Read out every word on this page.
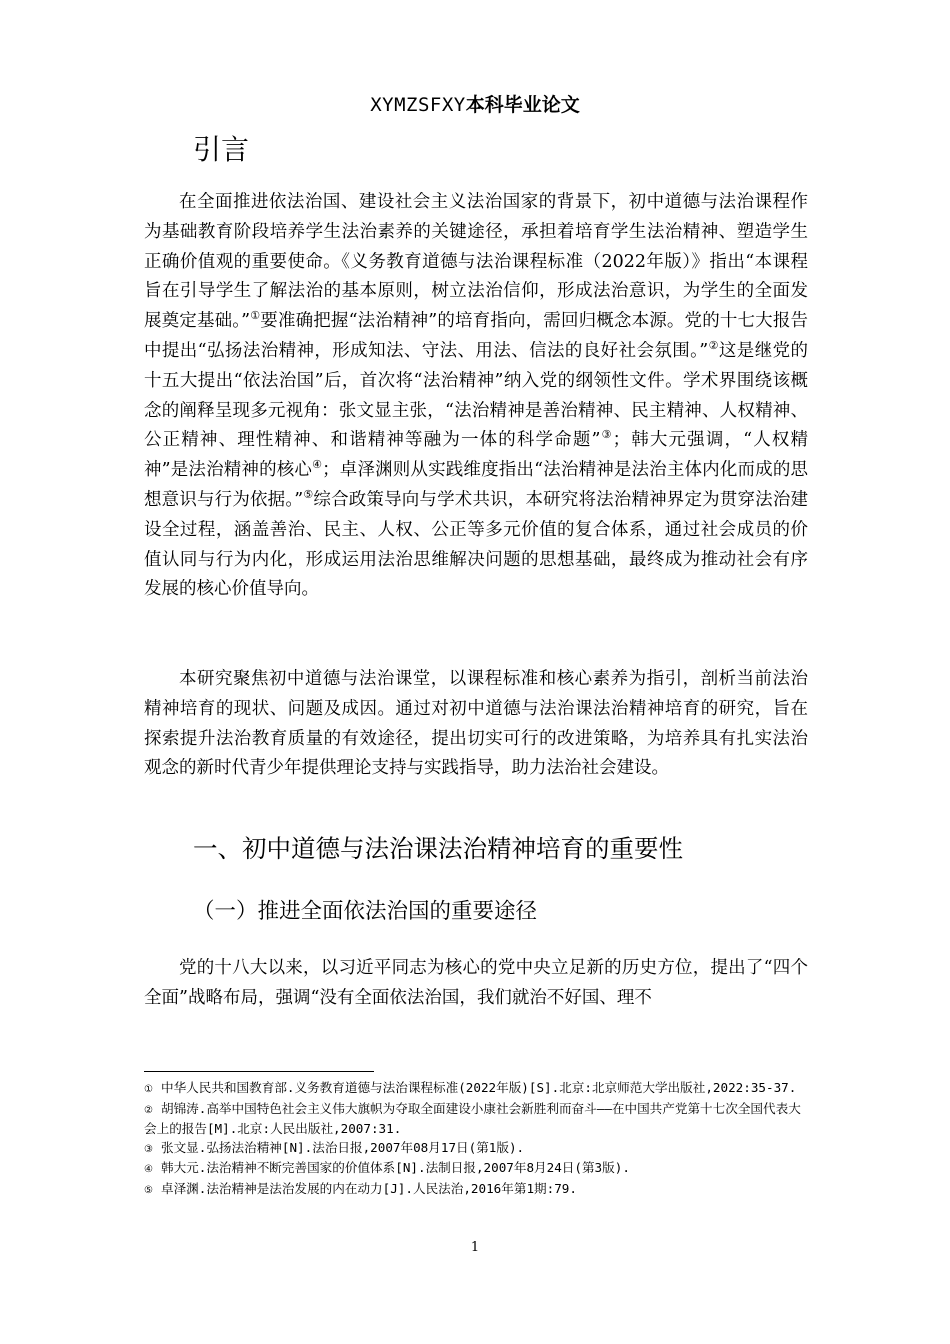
XYMZSFXY本科毕业论文
引言

在全面推进依法治国、建设社会主义法治国家的背景下，初中道德与法治课程作为基础教育阶段培养学生法治素养的关键途径，承担着培育学生法治精神、塑造学生正确价值观的重要使命。《义务教育道德与法治课程标准（2022年版）》指出“本课程旨在引导学生了解法治的基本原则，树立法治信仰，形成法治意识，为学生的全面发展奠定基础。”①要准确把握“法治精神”的培育指向，需回归概念本源。党的十七大报告中提出“弘扬法治精神，形成知法、守法、用法、信法的良好社会氛围。”②这是继党的十五大提出“依法治国”后，首次将“法治精神”纳入党的纲领性文件。学术界围绕该概念的阐释呈现多元视角：张文显主张，“法治精神是善治精神、民主精神、人权精神、公正精神、理性精神、和谐精神等融为一体的科学命题”③；韩大元强调，“人权精神”是法治精神的核心④；卓泽渊则从实践维度指出“法治精神是法治主体内化而成的思想意识与行为依据。”⑤综合政策导向与学术共识，本研究将法治精神界定为贯穿法治建设全过程，涵盖善治、民主、人权、公正等多元价值的复合体系，通过社会成员的价值认同与行为内化，形成运用法治思维解决问题的思想基础，最终成为推动社会有序发展的核心价值导向。

本研究聚焦初中道德与法治课堂，以课程标准和核心素养为指引，剖析当前法治精神培育的现状、问题及成因。通过对初中道德与法治课法治精神培育的研究，旨在探索提升法治教育质量的有效途径，提出切实可行的改进策略，为培养具有扎实法治观念的新时代青少年提供理论支持与实践指导，助力法治社会建设。

一、初中道德与法治课法治精神培育的重要性
（一）推进全面依法治国的重要途径

党的十八大以来，以习近平同志为核心的党中央立足新的历史方位，提出了“四个全面”战略布局，强调“没有全面依法治国，我们就治不好国、理不

① 中华人民共和国教育部.义务教育道德与法治课程标准(2022年版)[S].北京:北京师范大学出版社,2022:35-37.

② 胡锦涛.高举中国特色社会主义伟大旗帜为夺取全面建设小康社会新胜利而奋斗——在中国共产党第十七次全国代表大会上的报告[M].北京:人民出版社,2007:31.

③ 张文显.弘扬法治精神[N].法治日报,2007年08月17日(第1版).

④ 韩大元.法治精神不断完善国家的价值体系[N].法制日报,2007年8月24日(第3版).

⑤ 卓泽渊.法治精神是法治发展的内在动力[J].人民法治,2016年第1期:79.

1
